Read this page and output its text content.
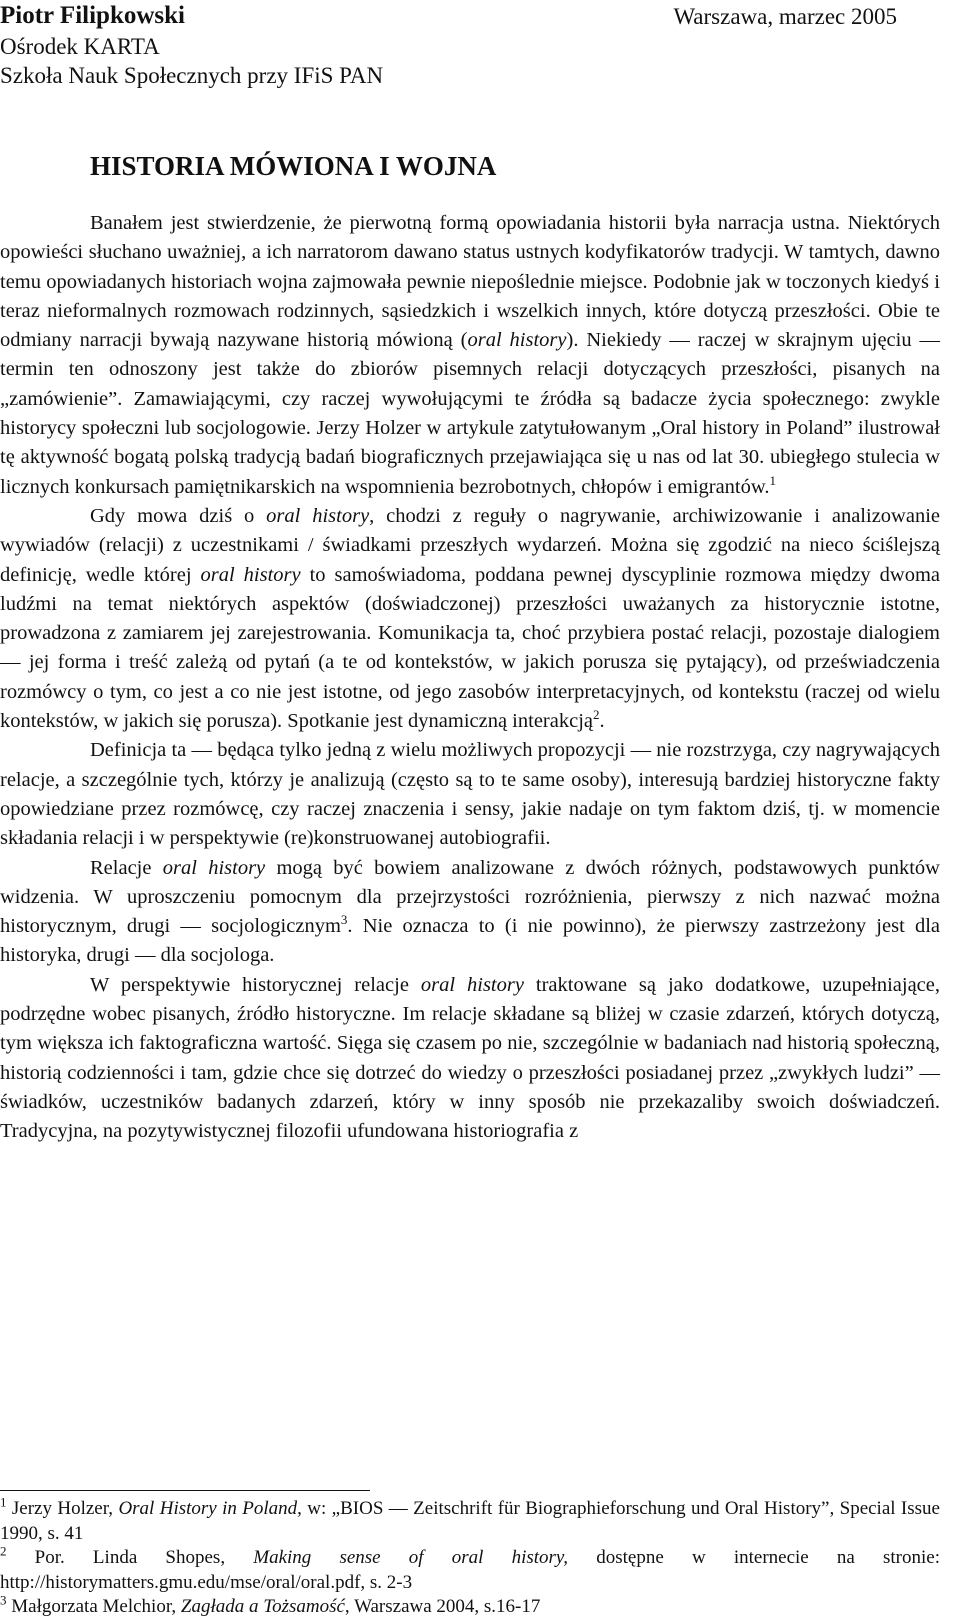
Piotr Filipkowski	Warszawa, marzec 2005
Ośrodek KARTA
Szkoła Nauk Społecznych przy IFiS PAN
HISTORIA MÓWIONA I WOJNA

Banałem jest stwierdzenie, że pierwotną formą opowiadania historii była narracja ustna. Niektórych opowieści słuchano uważniej, a ich narratorom dawano status ustnych kodyfikatorów tradycji. W tamtych, dawno temu opowiadanych historiach wojna zajmowała pewnie niepoślednie miejsce. Podobnie jak w toczonych kiedyś i teraz nieformalnych rozmowach rodzinnych, sąsiedzkich i wszelkich innych, które dotyczą przeszłości. Obie te odmiany narracji bywają nazywane historią mówioną (oral history). Niekiedy — raczej w skrajnym ujęciu — termin ten odnoszony jest także do zbiorów pisemnych relacji dotyczących przeszłości, pisanych na „zamówienie”. Zamawiającymi, czy raczej wywołującymi te źródła są badacze życia społecznego: zwykle historycy społeczni lub socjologowie. Jerzy Holzer w artykule zatytułowanym „Oral history in Poland” ilustrował tę aktywność bogatą polską tradycją badań biograficznych przejawiająca się u nas od lat 30. ubiegłego stulecia w licznych konkursach pamiętnikarskich na wspomnienia bezrobotnych, chłopów i emigrantów.$^1$

Gdy mowa dziś o oral history, chodzi z reguły o nagrywanie, archiwizowanie i analizowanie wywiadów (relacji) z uczestnikami / świadkami przeszłych wydarzeń. Można się zgodzić na nieco ściślejszą definicję, wedle której oral history to samoświadoma, poddana pewnej dyscyplinie rozmowa między dwoma ludźmi na temat niektórych aspektów (doświadczonej) przeszłości uważanych za historycznie istotne, prowadzona z zamiarem jej zarejestrowania. Komunikacja ta, choć przybiera postać relacji, pozostaje dialogiem — jej forma i treść zależą od pytań (a te od kontekstów, w jakich porusza się pytający), od przeświadczenia rozmówcy o tym, co jest a co nie jest istotne, od jego zasobów interpretacyjnych, od kontekstu (raczej od wielu kontekstów, w jakich się porusza). Spotkanie jest dynamiczną interakcją$^2$.

Definicja ta — będąca tylko jedną z wielu możliwych propozycji — nie rozstrzyga, czy nagrywających relacje, a szczególnie tych, którzy je analizują (często są to te same osoby), interesują bardziej historyczne fakty opowiedziane przez rozmówcę, czy raczej znaczenia i sensy, jakie nadaje on tym faktom dziś, tj. w momencie składania relacji i w perspektywie (re)konstruowanej autobiografii.

Relacje oral history mogą być bowiem analizowane z dwóch różnych, podstawowych punktów widzenia. W uproszczeniu pomocnym dla przejrzystości rozróżnienia, pierwszy z nich nazwać można historycznym, drugi — socjologicznym$^3$. Nie oznacza to (i nie powinno), że pierwszy zastrzeżony jest dla historyka, drugi — dla socjologa.

W perspektywie historycznej relacje oral history traktowane są jako dodatkowe, uzupełniające, podrzędne wobec pisanych, źródło historyczne. Im relacje składane są bliżej w czasie zdarzeń, których dotyczą, tym większa ich faktograficzna wartość. Sięga się czasem po nie, szczególnie w badaniach nad historią społeczną, historią codzienności i tam, gdzie chce się dotrzeć do wiedzy o przeszłości posiadanej przez „zwykłych ludzi” — świadków, uczestników badanych zdarzeń, który w inny sposób nie przekazaliby swoich doświadczeń. Tradycyjna, na pozytywistycznej filozofii ufundowana historiografia z

$^1$ Jerzy Holzer, Oral History in Poland, w: „BIOS — Zeitschrift für Biographieforschung und Oral History”, Special Issue 1990, s. 41

$^2$ Por. Linda Shopes, Making sense of oral history, dostępne w internecie na stronie: http://historymatters.gmu.edu/mse/oral/oral.pdf, s. 2-3

$^3$ Małgorzata Melchior, Zagłada a Tożsamość, Warszawa 2004, s.16-17
